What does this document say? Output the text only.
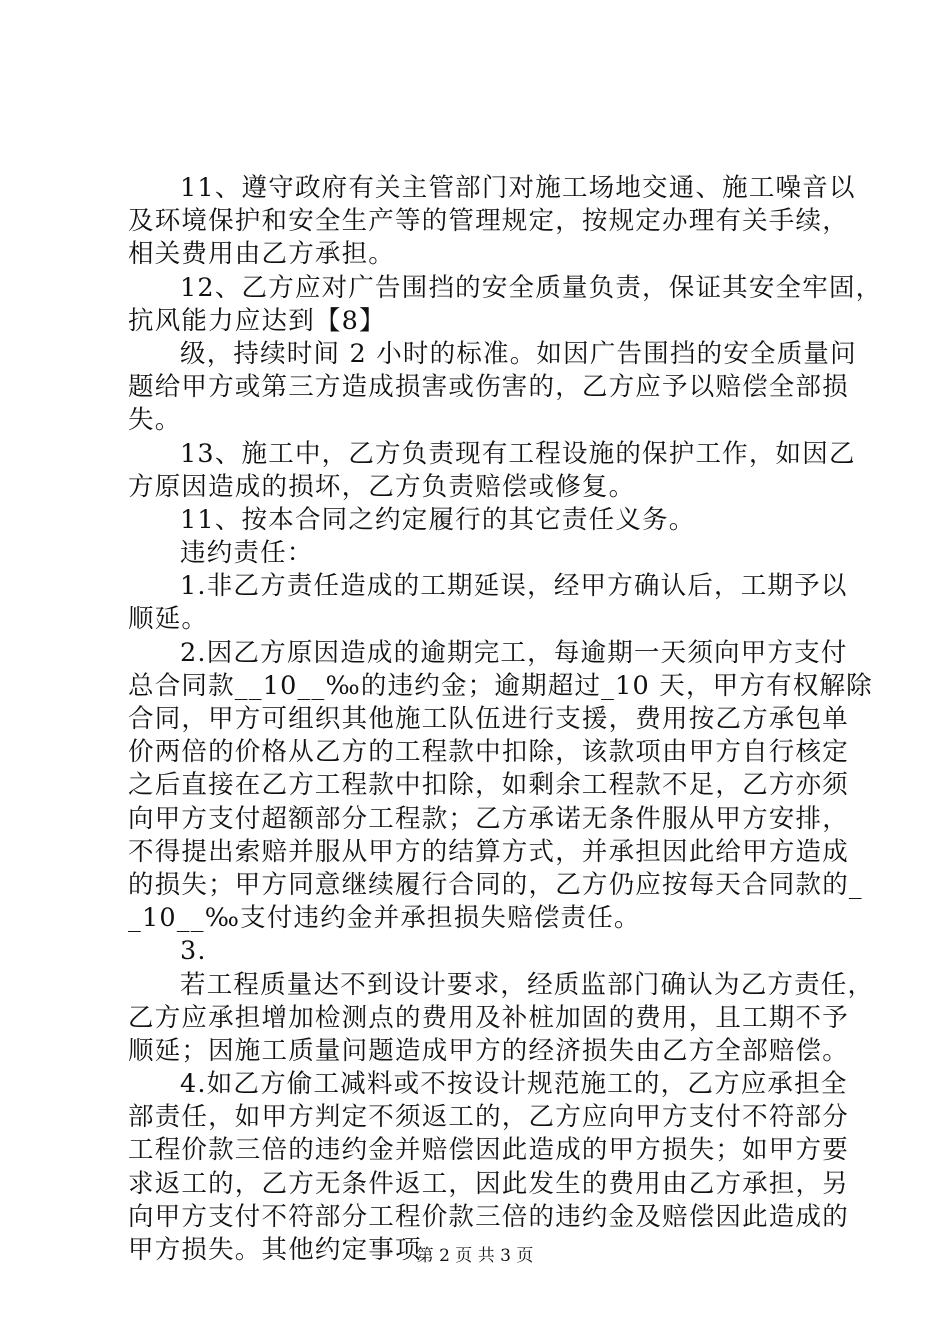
11、遵守政府有关主管部门对施工场地交通、施工噪音以
及环境保护和安全生产等的管理规定，按规定办理有关手续，
相关费用由乙方承担。
12、乙方应对广告围挡的安全质量负责，保证其安全牢固，
抗风能力应达到【8】
级，持续时间 2 小时的标准。如因广告围挡的安全质量问
题给甲方或第三方造成损害或伤害的，乙方应予以赔偿全部损
失。
13、施工中，乙方负责现有工程设施的保护工作，如因乙
方原因造成的损坏，乙方负责赔偿或修复。
11、按本合同之约定履行的其它责任义务。
违约责任：
1.非乙方责任造成的工期延误，经甲方确认后，工期予以
顺延。
2.因乙方原因造成的逾期完工，每逾期一天须向甲方支付
总合同款__10__‰的违约金；逾期超过_10 天，甲方有权解除
合同，甲方可组织其他施工队伍进行支援，费用按乙方承包单
价两倍的价格从乙方的工程款中扣除，该款项由甲方自行核定
之后直接在乙方工程款中扣除，如剩余工程款不足，乙方亦须
向甲方支付超额部分工程款；乙方承诺无条件服从甲方安排，
不得提出索赔并服从甲方的结算方式，并承担因此给甲方造成
的损失；甲方同意继续履行合同的，乙方仍应按每天合同款的_
_10__‰支付违约金并承担损失赔偿责任。
3.
若工程质量达不到设计要求，经质监部门确认为乙方责任，
乙方应承担增加检测点的费用及补桩加固的费用，且工期不予
顺延；因施工质量问题造成甲方的经济损失由乙方全部赔偿。
4.如乙方偷工减料或不按设计规范施工的，乙方应承担全
部责任，如甲方判定不须返工的，乙方应向甲方支付不符部分
工程价款三倍的违约金并赔偿因此造成的甲方损失；如甲方要
求返工的，乙方无条件返工，因此发生的费用由乙方承担，另
向甲方支付不符部分工程价款三倍的违约金及赔偿因此造成的
甲方损失。其他约定事项
第 2 页 共 3 页
